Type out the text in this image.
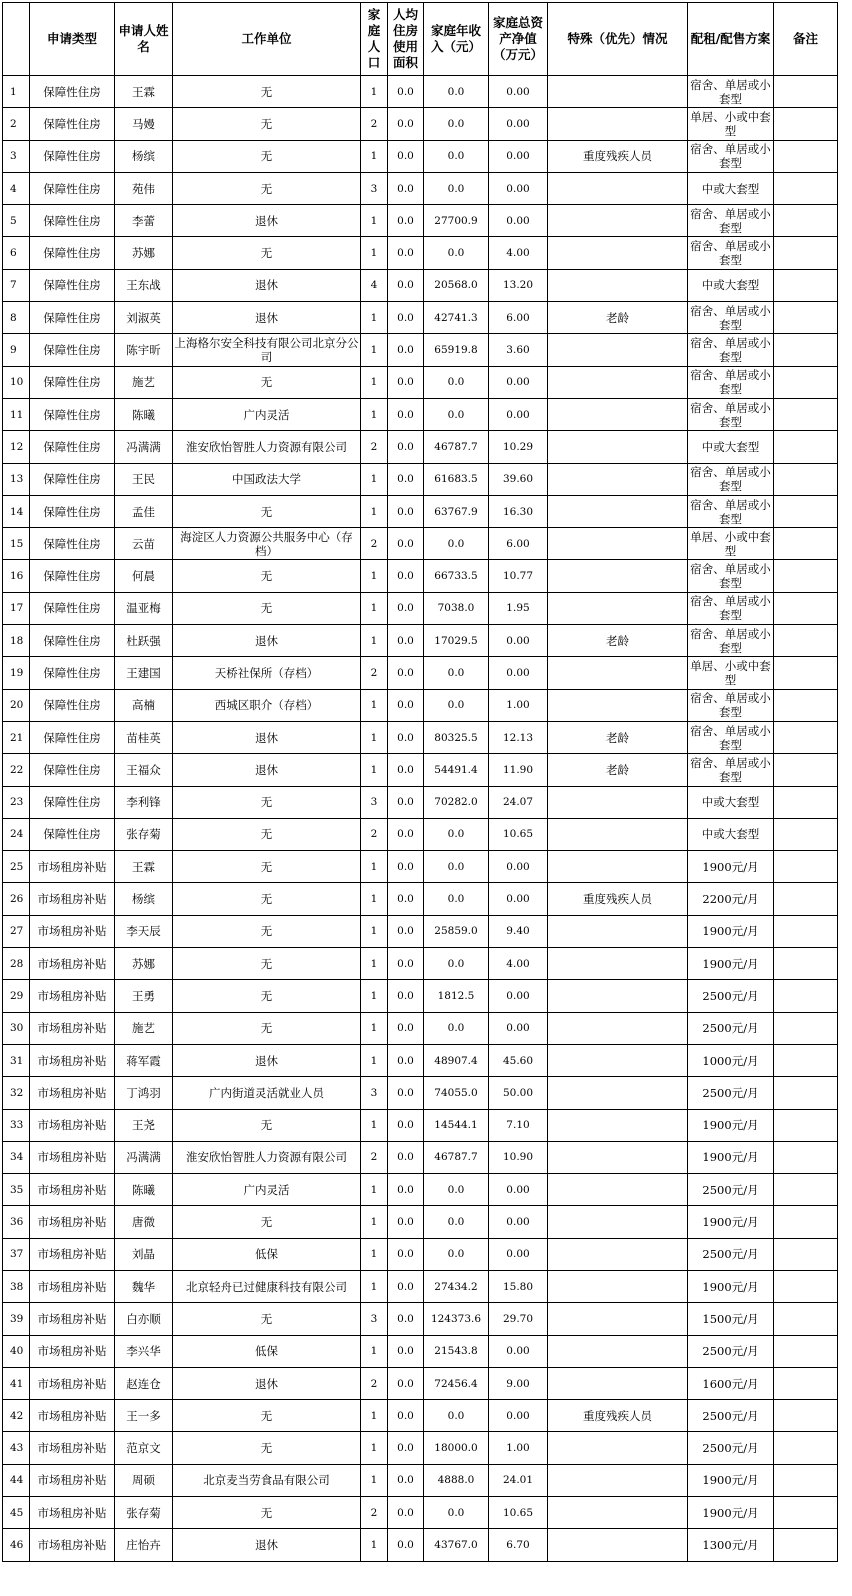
	申请类型	申请人姓名	工作单位	家庭人口	人均住房使用面积	家庭年收入（元）	家庭总资产净值（万元）	特殊（优先）情况	配租/配售方案	备注
1	保障性住房	王霖	无	1	0.0	0.0	0.00		宿舍、单居或小套型	
2	保障性住房	马嫚	无	2	0.0	0.0	0.00		单居、小或中套型	
3	保障性住房	杨缤	无	1	0.0	0.0	0.00	重度残疾人员	宿舍、单居或小套型	
4	保障性住房	苑伟	无	3	0.0	0.0	0.00		中或大套型	
5	保障性住房	李蕾	退休	1	0.0	27700.9	0.00		宿舍、单居或小套型	
6	保障性住房	苏娜	无	1	0.0	0.0	4.00		宿舍、单居或小套型	
7	保障性住房	王东战	退休	4	0.0	20568.0	13.20		中或大套型	
8	保障性住房	刘淑英	退休	1	0.0	42741.3	6.00	老龄	宿舍、单居或小套型	
9	保障性住房	陈宇昕	上海格尔安全科技有限公司北京分公司	1	0.0	65919.8	3.60		宿舍、单居或小套型	
10	保障性住房	施艺	无	1	0.0	0.0	0.00		宿舍、单居或小套型	
11	保障性住房	陈曦	广内灵活	1	0.0	0.0	0.00		宿舍、单居或小套型	
12	保障性住房	冯满满	淮安欣怡智胜人力资源有限公司	2	0.0	46787.7	10.29		中或大套型	
13	保障性住房	王民	中国政法大学	1	0.0	61683.5	39.60		宿舍、单居或小套型	
14	保障性住房	孟佳	无	1	0.0	63767.9	16.30		宿舍、单居或小套型	
15	保障性住房	云苗	海淀区人力资源公共服务中心（存档）	2	0.0	0.0	6.00		单居、小或中套型	
16	保障性住房	何晨	无	1	0.0	66733.5	10.77		宿舍、单居或小套型	
17	保障性住房	温亚梅	无	1	0.0	7038.0	1.95		宿舍、单居或小套型	
18	保障性住房	杜跃强	退休	1	0.0	17029.5	0.00	老龄	宿舍、单居或小套型	
19	保障性住房	王建国	天桥社保所（存档）	2	0.0	0.0	0.00		单居、小或中套型	
20	保障性住房	高楠	西城区职介（存档）	1	0.0	0.0	1.00		宿舍、单居或小套型	
21	保障性住房	苗桂英	退休	1	0.0	80325.5	12.13	老龄	宿舍、单居或小套型	
22	保障性住房	王福众	退休	1	0.0	54491.4	11.90	老龄	宿舍、单居或小套型	
23	保障性住房	李利锋	无	3	0.0	70282.0	24.07		中或大套型	
24	保障性住房	张存菊	无	2	0.0	0.0	10.65		中或大套型	
25	市场租房补贴	王霖	无	1	0.0	0.0	0.00		1900元/月	
26	市场租房补贴	杨缤	无	1	0.0	0.0	0.00	重度残疾人员	2200元/月	
27	市场租房补贴	李天辰	无	1	0.0	25859.0	9.40		1900元/月	
28	市场租房补贴	苏娜	无	1	0.0	0.0	4.00		1900元/月	
29	市场租房补贴	王勇	无	1	0.0	1812.5	0.00		2500元/月	
30	市场租房补贴	施艺	无	1	0.0	0.0	0.00		2500元/月	
31	市场租房补贴	蒋军霞	退休	1	0.0	48907.4	45.60		1000元/月	
32	市场租房补贴	丁鸿羽	广内街道灵活就业人员	3	0.0	74055.0	50.00		2500元/月	
33	市场租房补贴	王尧	无	1	0.0	14544.1	7.10		1900元/月	
34	市场租房补贴	冯满满	淮安欣怡智胜人力资源有限公司	2	0.0	46787.7	10.90		1900元/月	
35	市场租房补贴	陈曦	广内灵活	1	0.0	0.0	0.00		2500元/月	
36	市场租房补贴	唐微	无	1	0.0	0.0	0.00		1900元/月	
37	市场租房补贴	刘晶	低保	1	0.0	0.0	0.00		2500元/月	
38	市场租房补贴	魏华	北京轻舟已过健康科技有限公司	1	0.0	27434.2	15.80		1900元/月	
39	市场租房补贴	白亦顺	无	3	0.0	124373.6	29.70		1500元/月	
40	市场租房补贴	李兴华	低保	1	0.0	21543.8	0.00		2500元/月	
41	市场租房补贴	赵连仓	退休	2	0.0	72456.4	9.00		1600元/月	
42	市场租房补贴	王一多	无	1	0.0	0.0	0.00	重度残疾人员	2500元/月	
43	市场租房补贴	范京文	无	1	0.0	18000.0	1.00		2500元/月	
44	市场租房补贴	周硕	北京麦当劳食品有限公司	1	0.0	4888.0	24.01		1900元/月	
45	市场租房补贴	张存菊	无	2	0.0	0.0	10.65		1900元/月	
46	市场租房补贴	庄怡卉	退休	1	0.0	43767.0	6.70		1300元/月	
